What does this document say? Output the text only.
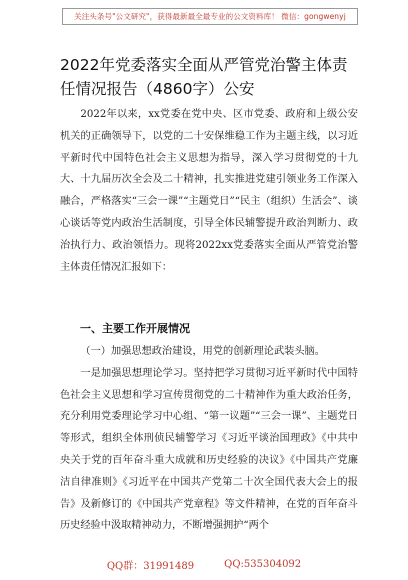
关注头条号"公文研究"，获得最新最全最专业的公文资料库！ 微信：gongwenyj
2022年党委落实全面从严管党治警主体责任情况报告（4860字）公安

2022年以来，xx党委在党中央、区市党委、政府和上级公安机关的正确领导下，以党的二十安保维稳工作为主题主线，以习近平新时代中国特色社会主义思想为指导，深入学习贯彻党的十九大、十九届历次全会及二十精神，扎实推进党建引领业务工作深入融合，严格落实“三会一课”“主题党日”“民主（组织）生活会”、谈心谈话等党内政治生活制度，引导全体民辅警提升政治判断力、政治执行力、政治领悟力。现将2022xx党委落实全面从严管党治警主体责任情况汇报如下：

一、主要工作开展情况

（一）加强思想政治建设，用党的创新理论武装头脑。

一是加强思想理论学习。坚持把学习贯彻习近平新时代中国特色社会主义思想和学习宣传贯彻党的二十精神作为重大政治任务，充分利用党委理论学习中心组、“第一议题”“三会一课”、主题党日等形式，组织全体刑侦民辅警学习《习近平谈治国理政》《中共中央关于党的百年奋斗重大成就和历史经验的决议》《中国共产党廉洁自律准则》《习近平在中国共产党第二十次全国代表大会上的报告》及新修订的《中国共产党章程》等文件精神，在党的百年奋斗历史经验中汲取精神动力，不断增强拥护“两个

QQ群：31991489	QQ:535304092
